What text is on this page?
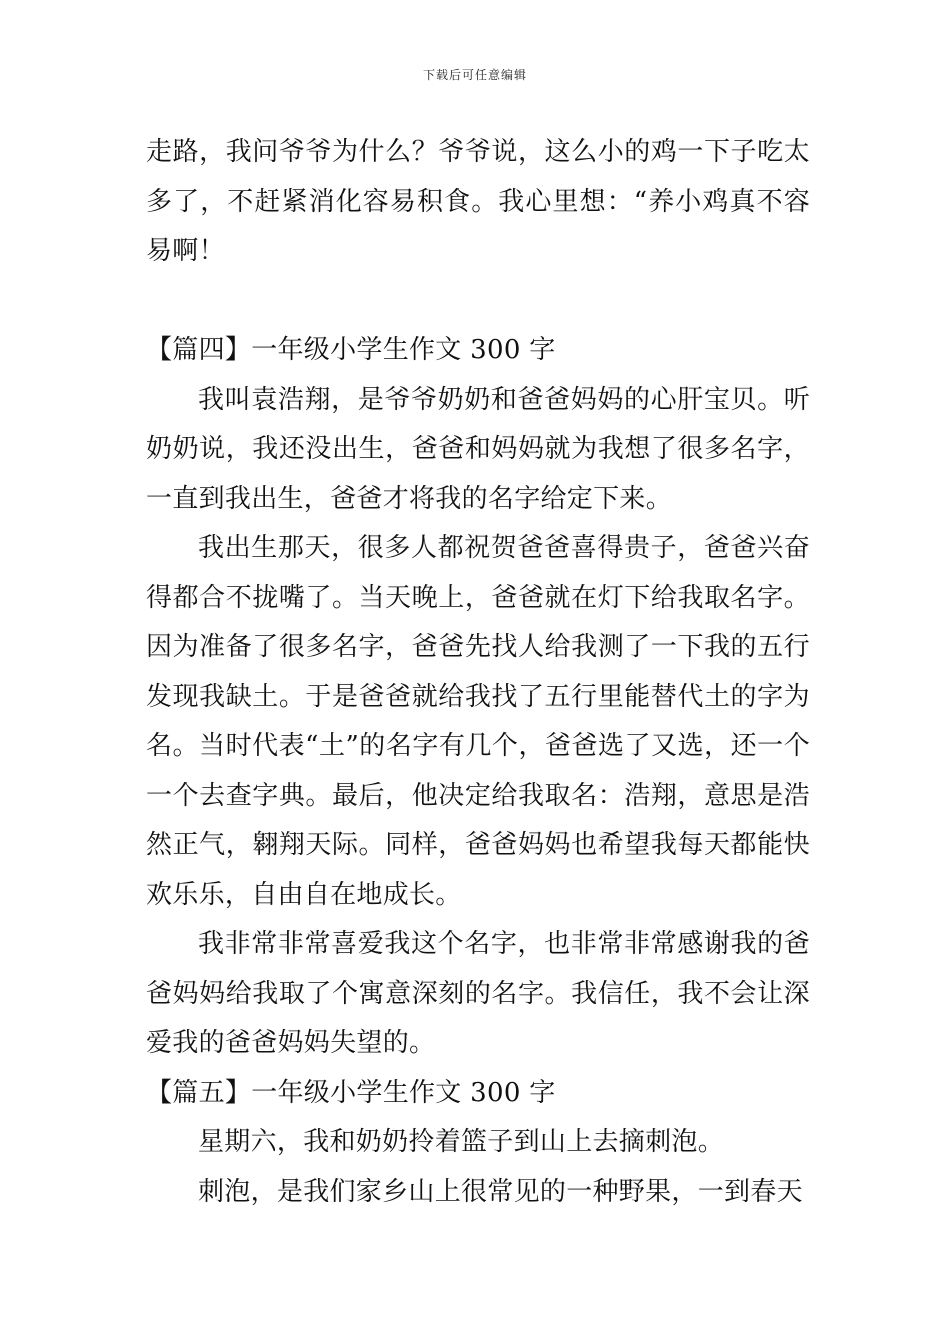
下载后可任意编辑

走路，我问爷爷为什么？爷爷说，这么小的鸡一下子吃太多了，不赶紧消化容易积食。我心里想：“养小鸡真不容易啊！

【篇四】一年级小学生作文 300 字

我叫袁浩翔，是爷爷奶奶和爸爸妈妈的心肝宝贝。听奶奶说，我还没出生，爸爸和妈妈就为我想了很多名字，一直到我出生，爸爸才将我的名字给定下来。

我出生那天，很多人都祝贺爸爸喜得贵子，爸爸兴奋得都合不拢嘴了。当天晚上，爸爸就在灯下给我取名字。因为准备了很多名字，爸爸先找人给我测了一下我的五行发现我缺土。于是爸爸就给我找了五行里能替代土的字为名。当时代表“土”的名字有几个，爸爸选了又选，还一个一个去查字典。最后，他决定给我取名：浩翔，意思是浩然正气，翱翔天际。同样，爸爸妈妈也希望我每天都能快欢乐乐，自由自在地成长。

我非常非常喜爱我这个名字，也非常非常感谢我的爸爸妈妈给我取了个寓意深刻的名字。我信任，我不会让深爱我的爸爸妈妈失望的。

【篇五】一年级小学生作文 300 字

星期六，我和奶奶拎着篮子到山上去摘刺泡。

刺泡，是我们家乡山上很常见的一种野果，一到春天
